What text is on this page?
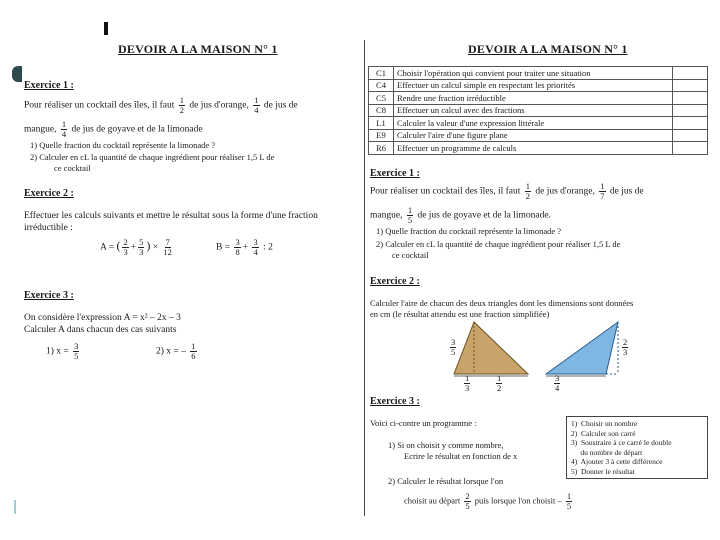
DEVOIR A LA MAISON N° 1
Exercice 1 :
Pour réaliser un cocktail des îles, il faut $\frac{1}{2}$ de jus d'orange, $\frac{1}{4}$ de jus de
mangue, $\frac{1}{4}$ de jus de goyave et de la limonade
1) Quelle fraction du cocktail représente la limonade ?
2) Calculer en cL la quantité de chaque ingrédient pour réaliser 1,5 L de
ce cocktail
Exercice 2 :
Effectuer les calculs suivants et mettre le résultat sous la forme d'une fraction
irréductible :
A = ( $\frac{2}{3} + \frac{5}{3}$ ) × $\frac{7}{12}$	$B = \frac{3}{8} + \frac{3}{4}$ : 2
Exercice 3 :
On considère l'expression A = x² – 2x – 3
Calculer A dans chacun des cas suivants
1) $x = \frac{3}{5}$	2) x = – $\frac{1}{6}$
DEVOIR A LA MAISON N° 1
C1	Choisir l'opération qui convient pour traiter une situation	
C4	Effectuer un calcul simple en respectant les priorités	
C5	Rendre une fraction irréductible	
C8	Effectuer un calcul avec des fractions	
L1	Calculer la valeur d'une expression littérale	
E9	Calculer l'aire d'une figure plane	
R6	Effectuer un programme de calculs	
Exercice 1 :
Pour réaliser un cocktail des îles, il faut $\frac{1}{2}$ de jus d'orange, $\frac{1}{7}$ de jus de
mangue, $\frac{1}{5}$ de jus de goyave et de la limonade.
1) Quelle fraction du cocktail représente la limonade ?
2) Calculer en cL la quantité de chaque ingrédient pour réaliser 1,5 L de
ce cocktail
Exercice 2 :
Calculer l'aire de chacun des deux triangles dont les dimensions sont données
en cm (le résultat attendu est une fraction simplifiée)
$\frac{3}{5}$
$\frac{1}{3}$	$\frac{1}{2}$
$\frac{2}{3}$
$\frac{3}{4}$
Exercice 3 :
Voici ci-contre un programme :
1) Si on choisit y comme nombre,
Ecrire le résultat en fonction de x
2) Calculer le résultat lorsque l'on
choisit au départ $\frac{2}{5}$ puis lorsque l'on choisit – $\frac{1}{5}$
1)  Choisir un nombre
2)  Calculer son carré
3)  Soustraire à ce carré le double
du nombre de départ
4)  Ajouter 3 à cette différence
5)  Donner le résultat
